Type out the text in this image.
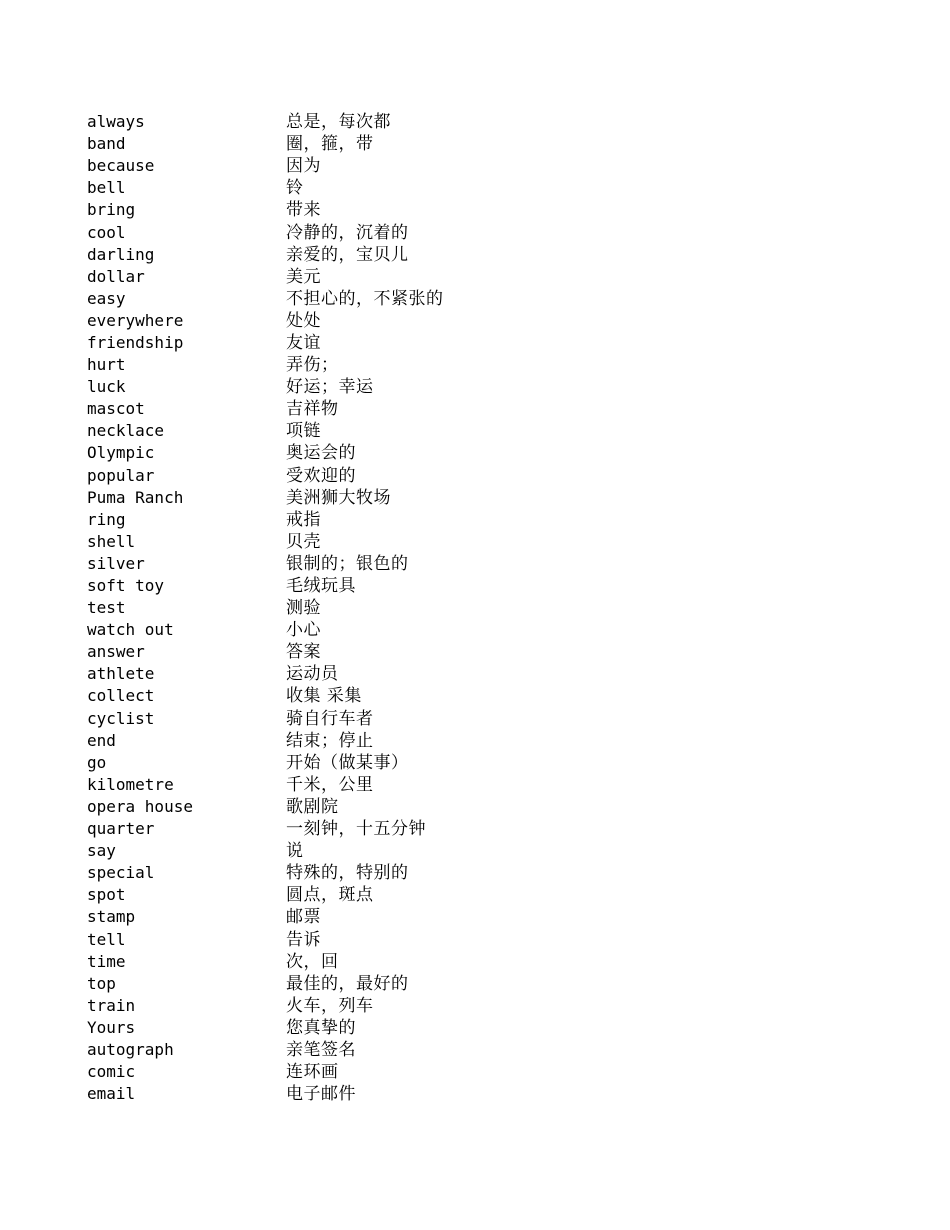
always	总是，每次都
band	圈，箍，带
because	因为
bell	铃
bring	带来
cool	冷静的，沉着的
darling	亲爱的，宝贝儿
dollar	美元
easy	不担心的，不紧张的
everywhere	处处
friendship	友谊
hurt	弄伤；
luck	好运；幸运
mascot	吉祥物
necklace	项链
Olympic	奥运会的
popular	受欢迎的
Puma Ranch	美洲狮大牧场
ring	戒指
shell	贝壳
silver	银制的；银色的
soft toy	毛绒玩具
test	测验
watch out	小心
answer	答案
athlete	运动员
collect	收集 采集
cyclist	骑自行车者
end	结束；停止
go	开始（做某事）
kilometre	千米，公里
opera house	歌剧院
quarter	一刻钟，十五分钟
say	说
special	特殊的，特别的
spot	圆点，斑点
stamp	邮票
tell	告诉
time	次，回
top	最佳的，最好的
train	火车，列车
Yours	您真挚的
autograph	亲笔签名
comic	连环画
email	电子邮件
